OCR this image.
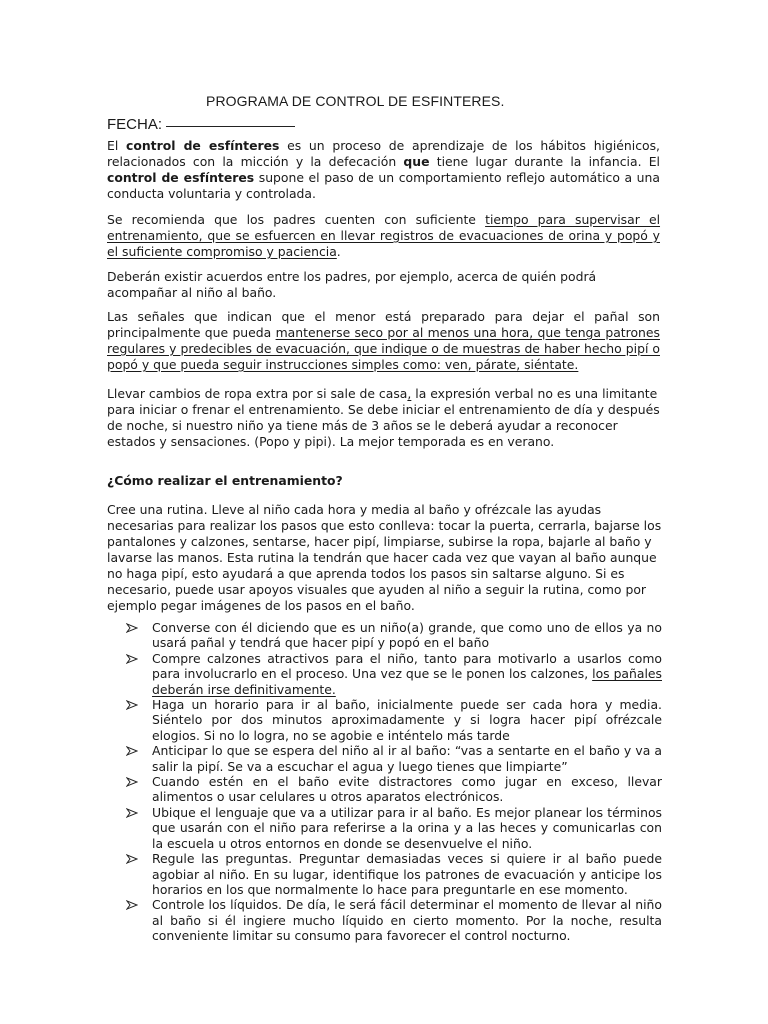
PROGRAMA DE CONTROL DE ESFINTERES.
FECHA:
El control de esfínteres es un proceso de aprendizaje de los hábitos higiénicos, relacionados con la micción y la defecación que tiene lugar durante la infancia. El control de esfínteres supone el paso de un comportamiento reflejo automático a una conducta voluntaria y controlada.
Se recomienda que los padres cuenten con suficiente tiempo para supervisar el entrenamiento, que se esfuercen en llevar registros de evacuaciones de orina y popó y el suficiente compromiso y paciencia.
Deberán existir acuerdos entre los padres, por ejemplo, acerca de quién podrá acompañar al niño al baño.
Las señales que indican que el menor está preparado para dejar el pañal son principalmente que pueda mantenerse seco por al menos una hora, que tenga patrones regulares y predecibles de evacuación, que indique o de muestras de haber hecho pipí o popó y que pueda seguir instrucciones simples como: ven, párate, siéntate.
Llevar cambios de ropa extra por si sale de casa, la expresión verbal no es una limitante para iniciar o frenar el entrenamiento. Se debe iniciar el entrenamiento de día y después de noche, si nuestro niño ya tiene más de 3 años se le deberá ayudar a reconocer estados y sensaciones. (Popo y pipi). La mejor temporada es en verano.
¿Cómo realizar el entrenamiento?
Cree una rutina. Lleve al niño cada hora y media al baño y ofrézcale las ayudas necesarias para realizar los pasos que esto conlleva: tocar la puerta, cerrarla, bajarse los pantalones y calzones, sentarse, hacer pipí, limpiarse, subirse la ropa, bajarle al baño y lavarse las manos. Esta rutina la tendrán que hacer cada vez que vayan al baño aunque no haga pipí, esto ayudará a que aprenda todos los pasos sin saltarse alguno. Si es necesario, puede usar apoyos visuales que ayuden al niño a seguir la rutina, como por ejemplo pegar imágenes de los pasos en el baño.
Converse con él diciendo que es un niño(a) grande, que como uno de ellos ya no usará pañal y tendrá que hacer pipí y popó en el baño
Compre calzones atractivos para el niño, tanto para motivarlo a usarlos como para involucrarlo en el proceso. Una vez que se le ponen los calzones, los pañales deberán irse definitivamente.
Haga un horario para ir al baño, inicialmente puede ser cada hora y media. Siéntelo por dos minutos aproximadamente y si logra hacer pipí ofrézcale elogios. Si no lo logra, no se agobie e inténtelo más tarde
Anticipar lo que se espera del niño al ir al baño: “vas a sentarte en el baño y va a salir la pipí. Se va a escuchar el agua y luego tienes que limpiarte”
Cuando estén en el baño evite distractores como jugar en exceso, llevar alimentos o usar celulares u otros aparatos electrónicos.
Ubique el lenguaje que va a utilizar para ir al baño. Es mejor planear los términos que usarán con el niño para referirse a la orina y a las heces y comunicarlas con la escuela u otros entornos en donde se desenvuelve el niño.
Regule las preguntas. Preguntar demasiadas veces si quiere ir al baño puede agobiar al niño. En su lugar, identifique los patrones de evacuación y anticipe los horarios en los que normalmente lo hace para preguntarle en ese momento.
Controle los líquidos. De día, le será fácil determinar el momento de llevar al niño al baño si él ingiere mucho líquido en cierto momento. Por la noche, resulta conveniente limitar su consumo para favorecer el control nocturno.
